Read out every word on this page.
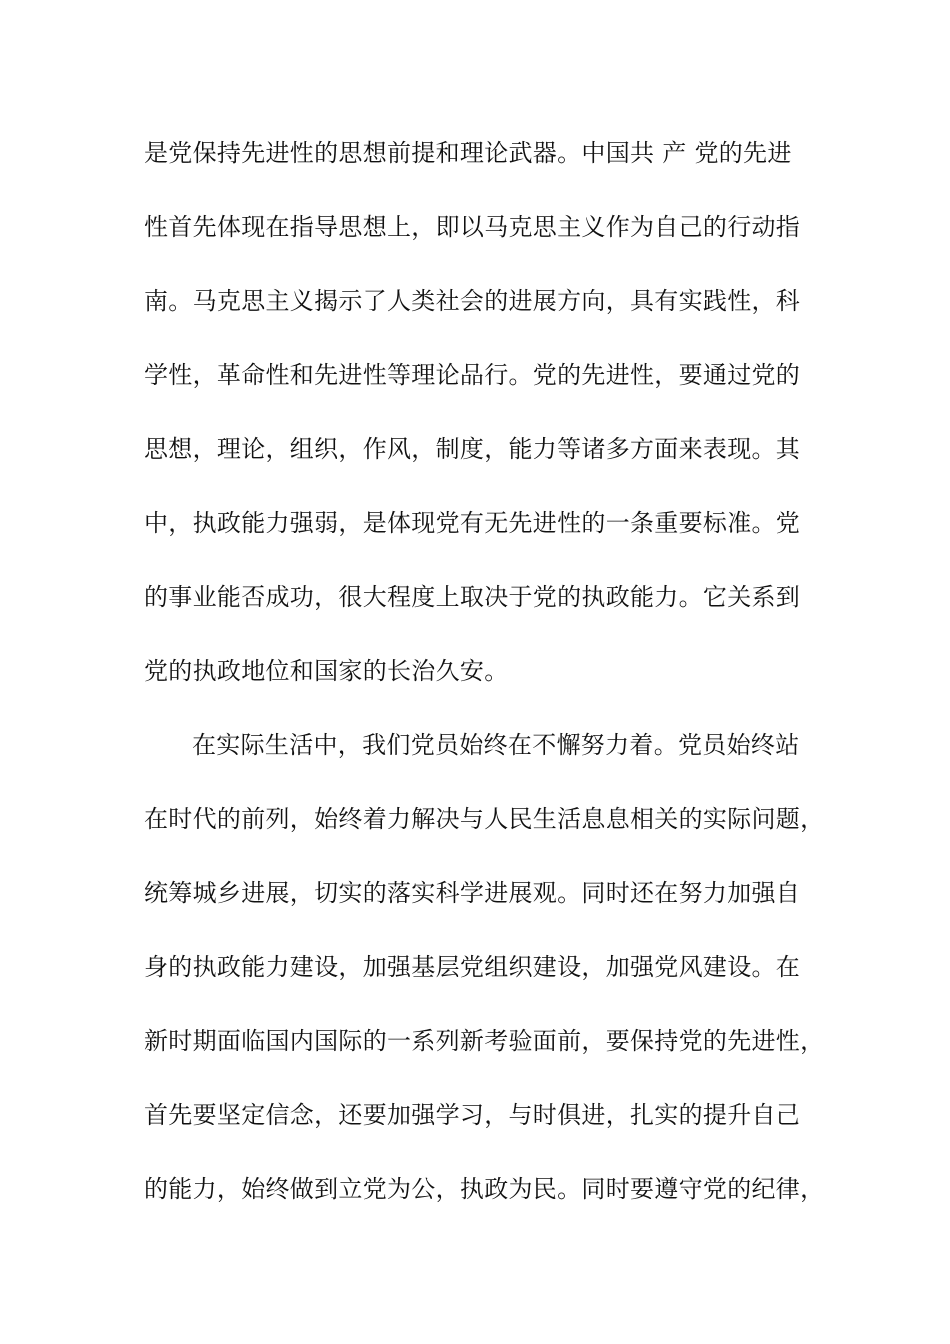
是党保持先进性的思想前提和理论武器。中国共 产 党的先进
性首先体现在指导思想上，即以马克思主义作为自己的行动指
南。马克思主义揭示了人类社会的进展方向，具有实践性，科
学性，革命性和先进性等理论品行。党的先进性，要通过党的
思想，理论，组织，作风，制度，能力等诸多方面来表现。其
中，执政能力强弱，是体现党有无先进性的一条重要标准。党
的事业能否成功，很大程度上取决于党的执政能力。它关系到
党的执政地位和国家的长治久安。
在实际生活中，我们党员始终在不懈努力着。党员始终站
在时代的前列，始终着力解决与人民生活息息相关的实际问题，
统筹城乡进展，切实的落实科学进展观。同时还在努力加强自
身的执政能力建设，加强基层党组织建设，加强党风建设。在
新时期面临国内国际的一系列新考验面前，要保持党的先进性，
首先要坚定信念，还要加强学习，与时俱进，扎实的提升自己
的能力，始终做到立党为公，执政为民。同时要遵守党的纪律，
